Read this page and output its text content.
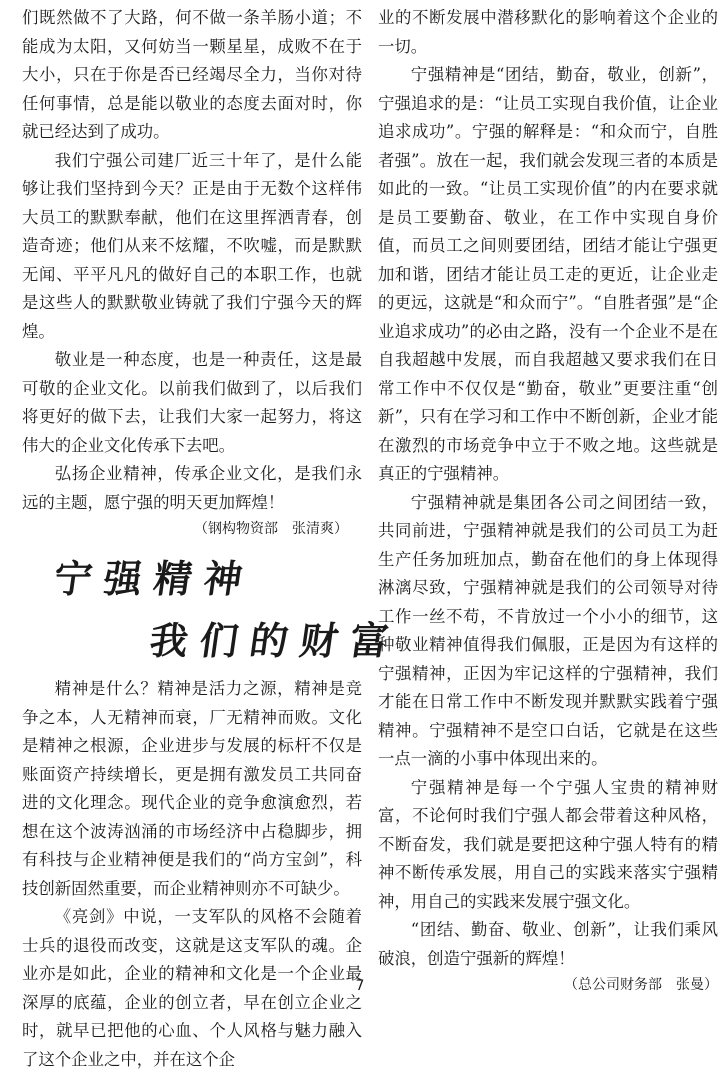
们既然做不了大路，何不做一条羊肠小道；不能成为太阳，又何妨当一颗星星，成败不在于大小，只在于你是否已经竭尽全力，当你对待任何事情，总是能以敬业的态度去面对时，你就已经达到了成功。

我们宁强公司建厂近三十年了，是什么能够让我们坚持到今天？正是由于无数个这样伟大员工的默默奉献，他们在这里挥洒青春，创造奇迹；他们从来不炫耀，不吹嘘，而是默默无闻、平平凡凡的做好自己的本职工作，也就是这些人的默默敬业铸就了我们宁强今天的辉煌。

敬业是一种态度，也是一种责任，这是最可敬的企业文化。以前我们做到了，以后我们将更好的做下去，让我们大家一起努力，将这伟大的企业文化传承下去吧。

弘扬企业精神，传承企业文化，是我们永远的主题，愿宁强的明天更加辉煌！

（钢构物资部　张清爽）

宁强精神
我们的财富

精神是什么？精神是活力之源，精神是竞争之本，人无精神而衰，厂无精神而败。文化是精神之根源，企业进步与发展的标杆不仅是账面资产持续增长，更是拥有激发员工共同奋进的文化理念。现代企业的竞争愈演愈烈，若想在这个波涛汹涌的市场经济中占稳脚步，拥有科技与企业精神便是我们的“尚方宝剑”，科技创新固然重要，而企业精神则亦不可缺少。

《亮剑》中说，一支军队的风格不会随着士兵的退役而改变，这就是这支军队的魂。企业亦是如此，企业的精神和文化是一个企业最深厚的底蕴，企业的创立者，早在创立企业之时，就早已把他的心血、个人风格与魅力融入了这个企业之中，并在这个企

业的不断发展中潜移默化的影响着这个企业的一切。

宁强精神是“团结，勤奋，敬业，创新”，宁强追求的是：“让员工实现自我价值，让企业追求成功”。宁强的解释是：“和众而宁，自胜者强”。放在一起，我们就会发现三者的本质是如此的一致。“让员工实现价值”的内在要求就是员工要勤奋、敬业，在工作中实现自身价值，而员工之间则要团结，团结才能让宁强更加和谐，团结才能让员工走的更近，让企业走的更远，这就是“和众而宁”。“自胜者强”是“企业追求成功”的必由之路，没有一个企业不是在自我超越中发展，而自我超越又要求我们在日常工作中不仅仅是“勤奋，敬业”更要注重“创新”，只有在学习和工作中不断创新，企业才能在激烈的市场竞争中立于不败之地。这些就是真正的宁强精神。

宁强精神就是集团各公司之间团结一致，共同前进，宁强精神就是我们的公司员工为赶生产任务加班加点，勤奋在他们的身上体现得淋漓尽致，宁强精神就是我们的公司领导对待工作一丝不苟，不肯放过一个小小的细节，这种敬业精神值得我们佩服，正是因为有这样的宁强精神，正因为牢记这样的宁强精神，我们才能在日常工作中不断发现并默默实践着宁强精神。宁强精神不是空口白话，它就是在这些一点一滴的小事中体现出来的。

宁强精神是每一个宁强人宝贵的精神财富，不论何时我们宁强人都会带着这种风格，不断奋发，我们就是要把这种宁强人特有的精神不断传承发展，用自己的实践来落实宁强精神，用自己的实践来发展宁强文化。

“团结、勤奋、敬业、创新”，让我们乘风破浪，创造宁强新的辉煌！

（总公司财务部　张曼）

7
